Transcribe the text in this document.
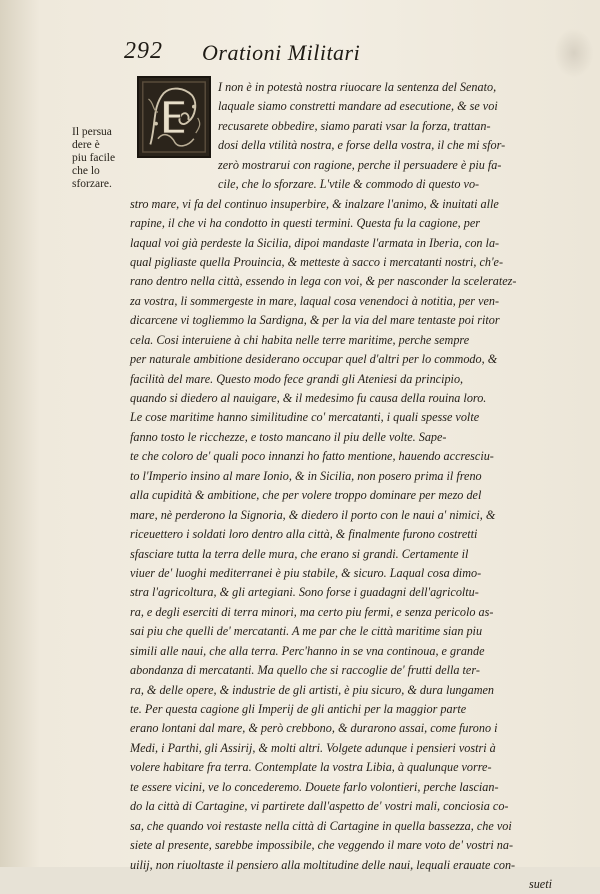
292 Orationi Militari
Il persua
dere è
piu facile
che lo
sforzare.
I non è in potestà nostra riuocare la sentenza del Senato,
laquale siamo constretti mandare ad esecutione, & se voi
recusarete obbedire, siamo parati vsar la forza, trattan-
dosi della vtilità nostra, e forse della vostra, il che mi sfor-
zerò mostrarui con ragione, perche il persuadere è piu fa-
cile, che lo sforzare. L'vtile & commodo di questo vo-
stro mare, vi fa del continuo insuperbire, & inalzare l'animo, & inuitati alle
rapine, il che vi ha condotto in questi termini. Questa fu la cagione, per
laqual voi già perdeste la Sicilia, dipoi mandaste l'armata in Iberia, con la-
qual pigliaste quella Prouincia, & metteste à sacco i mercatanti nostri, ch'e-
rano dentro nella città, essendo in lega con voi, & per nasconder la sceleratez-
za vostra, li sommergeste in mare, laqual cosa venendoci à notitia, per ven-
dicarcene vi togliemmo la Sardigna, & per la via del mare tentaste poi ritor
cela. Cosi interuiene à chi habita nelle terre maritime, perche sempre
per naturale ambitione desiderano occupar quel d'altri per lo commodo, &
facilità del mare. Questo modo fece grandi gli Ateniesi da principio,
quando si diedero al nauigare, & il medesimo fu causa della rouina loro.
Le cose maritime hanno similitudine co' mercatanti, i quali spesse volte
fanno tosto le ricchezze, e tosto mancano il piu delle volte. Sape-
te che coloro de' quali poco innanzi ho fatto mentione, hauendo accresciu-
to l'Imperio insino al mare Ionio, & in Sicilia, non posero prima il freno
alla cupidità & ambitione, che per volere troppo dominare per mezo del
mare, nè perderono la Signoria, & diedero il porto con le naui a' nimici, &
riceuettero i soldati loro dentro alla città, & finalmente furono costretti
sfasciare tutta la terra delle mura, che erano si grandi. Certamente il
viuer de' luoghi mediterranei è piu stabile, & sicuro. Laqual cosa dimo-
stra l'agricoltura, & gli artegiani. Sono forse i guadagni dell'agricoltu-
ra, e degli eserciti di terra minori, ma certo piu fermi, e senza pericolo as-
sai piu che quelli de' mercatanti. A me par che le città maritime sian piu
simili alle naui, che alla terra. Perc'hanno in se vna continoua, e grande
abondanza di mercatanti. Ma quello che si raccoglie de' frutti della ter-
ra, & delle opere, & industrie de gli artisti, è piu sicuro, & dura lungamen
te. Per questa cagione gli Imperij de gli antichi per la maggior parte
erano lontani dal mare, & però crebbono, & durarono assai, come furono i
Medi, i Parthi, gli Assirij, & molti altri. Volgete adunque i pensieri vostri à
volere habitare fra terra. Contemplate la vostra Libia, à qualunque vorre-
te essere vicini, ve lo concederemo. Douete farlo volontieri, perche lascian-
do la città di Cartagine, vi partirete dall'aspetto de' vostri mali, conciosia co-
sa, che quando voi restaste nella città di Cartagine in quella bassezza, che voi
siete al presente, sarebbe impossibile, che veggendo il mare voto de' vostri na-
uilij, non riuoltaste il pensiero alla moltitudine delle naui, lequali erauate con-
sueti
